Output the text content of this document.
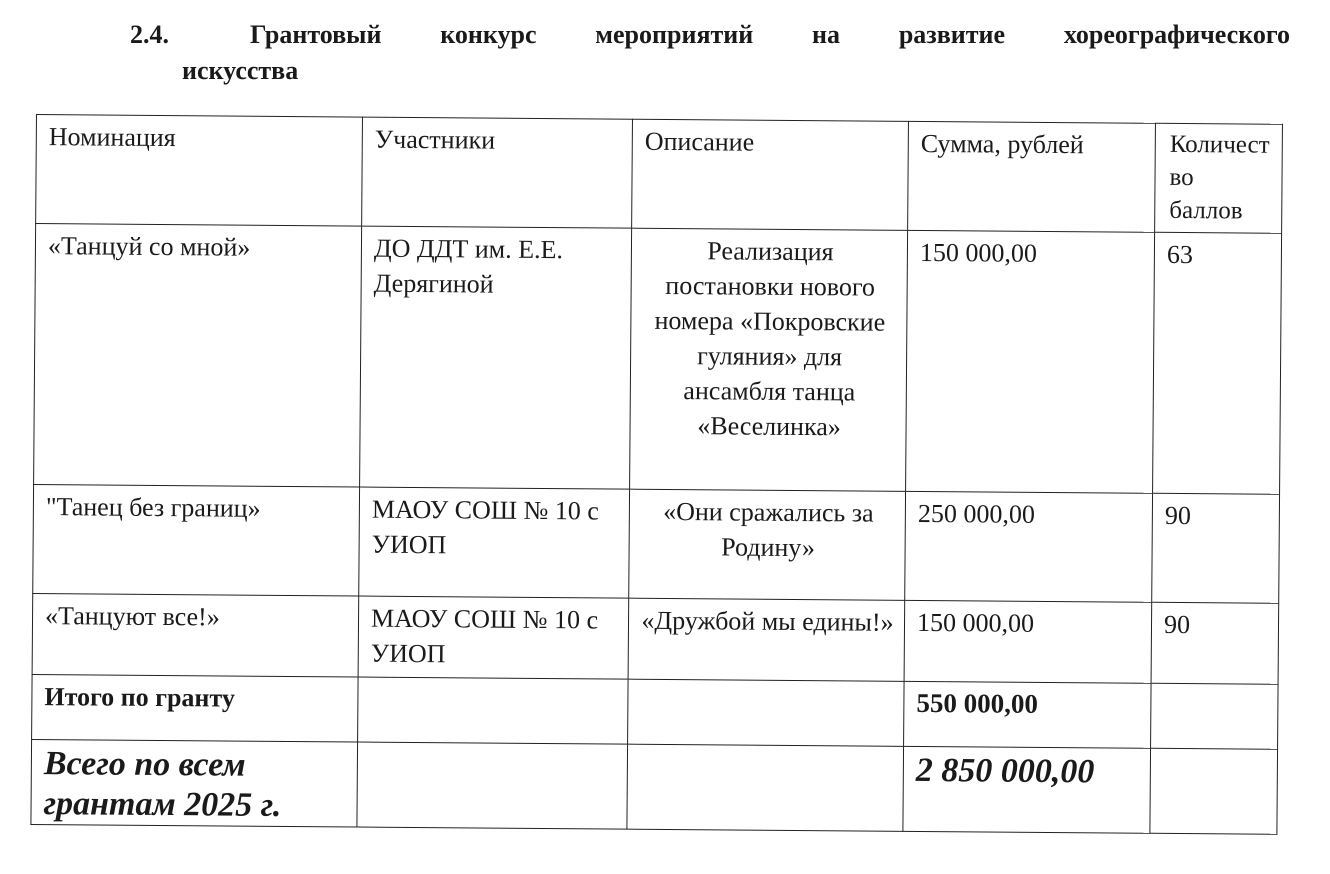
2.4.	Грантовый конкурс мероприятий на развитие хореографического
искусства
Номинация	Участники	Описание	Сумма, рублей	Количество баллов
«Танцуй со мной»	ДО ДДТ им. Е.Е. Дерягиной	Реализация постановки нового номера «Покровские гуляния» для ансамбля танца «Веселинка»	150 000,00	63
"Танец без границ»	МАОУ СОШ № 10 с УИОП	«Они сражались за Родину»	250 000,00	90
«Танцуют все!»	МАОУ СОШ № 10 с УИОП	«Дружбой мы едины!»	150 000,00	90
Итого по гранту			550 000,00	
Всего по всем грантам 2025 г.			2 850 000,00	
